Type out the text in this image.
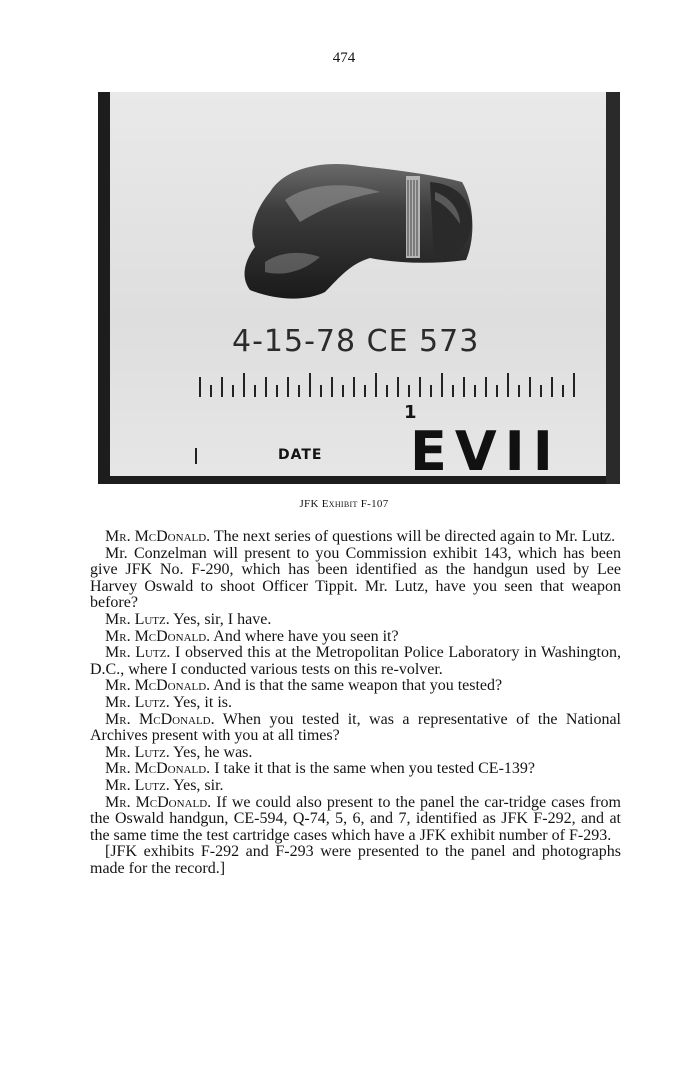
474
4-15-78 CE 573
1
DATE EVII
JFK Exhibit F-107

Mr. McDonald. The next series of questions will be directed again to Mr. Lutz.

Mr. Conzelman will present to you Commission exhibit 143, which has been give JFK No. F-290, which has been identified as the handgun used by Lee Harvey Oswald to shoot Officer Tippit. Mr. Lutz, have you seen that weapon before?

Mr. Lutz. Yes, sir, I have.

Mr. McDonald. And where have you seen it?

Mr. Lutz. I observed this at the Metropolitan Police Laboratory in Washington, D.C., where I conducted various tests on this re-volver.

Mr. McDonald. And is that the same weapon that you tested?

Mr. Lutz. Yes, it is.

Mr. McDonald. When you tested it, was a representative of the National Archives present with you at all times?

Mr. Lutz. Yes, he was.

Mr. McDonald. I take it that is the same when you tested CE-139?

Mr. Lutz. Yes, sir.

Mr. McDonald. If we could also present to the panel the car-tridge cases from the Oswald handgun, CE-594, Q-74, 5, 6, and 7, identified as JFK F-292, and at the same time the test cartridge cases which have a JFK exhibit number of F-293.

[JFK exhibits F-292 and F-293 were presented to the panel and photographs made for the record.]
